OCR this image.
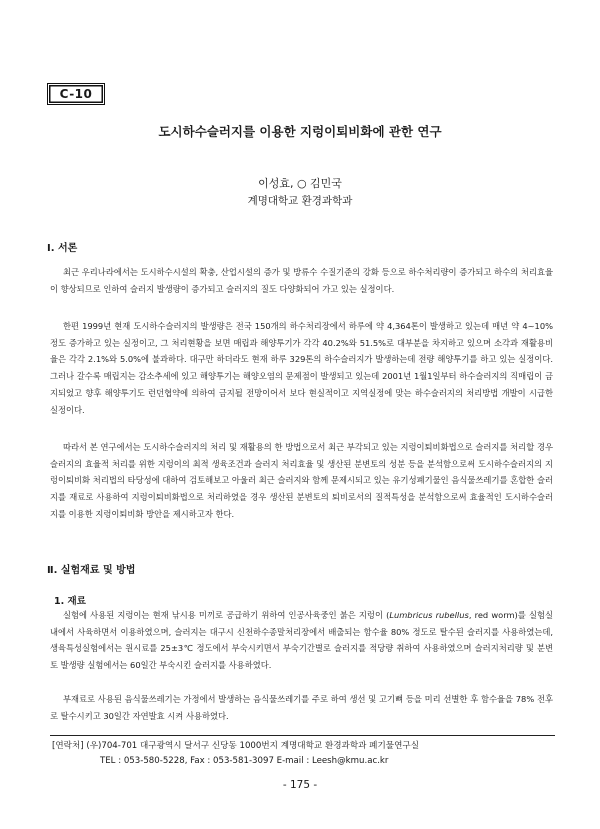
C-10
도시하수슬러지를 이용한 지렁이퇴비화에 관한 연구
이성효, ○ 김민국
계명대학교 환경과학과
Ⅰ. 서론

최근 우리나라에서는 도시하수시설의 확충, 산업시설의 증가 및 방류수 수질기준의 강화 등으로 하수처리량이 증가되고 하수의 처리효율이 향상되므로 인하여 슬러지 발생량이 증가되고 슬러지의 질도 다양화되어 가고 있는 실정이다.

한편 1999년 현재 도시하수슬러지의 발생량은 전국 150개의 하수처리장에서 하루에 약 4,364톤이 발생하고 있는데 매년 약 4~10% 정도 증가하고 있는 실정이고, 그 처리현황을 보면 매립과 해양투기가 각각 40.2%와 51.5%로 대부분을 차지하고 있으며 소각과 재활용비율은 각각 2.1%와 5.0%에 불과하다. 대구만 하더라도 현재 하루 329톤의 하수슬러지가 발생하는데 전량 해양투기를 하고 있는 실정이다. 그러나 갈수록 매립지는 감소추세에 있고 해양투기는 해양오염의 문제점이 발생되고 있는데 2001년 1월1일부터 하수슬러지의 직매립이 금지되었고 향후 해양투기도 런던협약에 의하여 금지될 전망이어서 보다 현실적이고 지역실정에 맞는 하수슬러지의 처리방법 개발이 시급한 실정이다.

따라서 본 연구에서는 도시하수슬러지의 처리 및 재활용의 한 방법으로서 최근 부각되고 있는 지렁이퇴비화법으로 슬러지를 처리할 경우 슬러지의 효율적 처리를 위한 지렁이의 최적 생육조건과 슬러지 처리효율 및 생산된 분변토의 성분 등을 분석함으로써 도시하수슬러지의 지렁이퇴비화 처리법의 타당성에 대하여 검토해보고 아울러 최근 슬러지와 함께 문제시되고 있는 유기성폐기물인 음식물쓰레기를 혼합한 슬러지를 재료로 사용하여 지렁이퇴비화법으로 처리하였을 경우 생산된 분변토의 퇴비로서의 질적특성을 분석함으로써 효율적인 도시하수슬러지를 이용한 지렁이퇴비화 방안을 제시하고자 한다.

Ⅱ. 실험재료 및 방법
1. 재료

실험에 사용된 지렁이는 현재 낚시용 미끼로 공급하기 위하여 인공사육중인 붉은 지렁이 (Lumbricus rubellus, red worm)를 실험실내에서 사육하면서 이용하였으며, 슬러지는 대구시 신천하수종말처리장에서 배출되는 함수율 80% 정도로 탈수된 슬러지를 사용하였는데, 생육특성실험에서는 원시료를 25±3℃ 정도에서 부숙시키면서 부숙기간별로 슬러지를 적당량 취하여 사용하였으며 슬러지처리량 및 분변토 발생량 실험에서는 60일간 부숙시킨 슬러지를 사용하였다.

부재료로 사용된 음식물쓰레기는 가정에서 발생하는 음식물쓰레기를 주로 하여 생선 및 고기뼈 등을 미리 선별한 후 함수율을 78% 전후로 탈수시키고 30일간 자연발효 시켜 사용하였다.

[연락처] (우)704-701 대구광역시 달서구 신당동 1000번지 계명대학교 환경과학과 폐기물연구실
TEL : 053-580-5228, Fax : 053-581-3097 E-mail : Leesh@kmu.ac.kr
- 175 -
